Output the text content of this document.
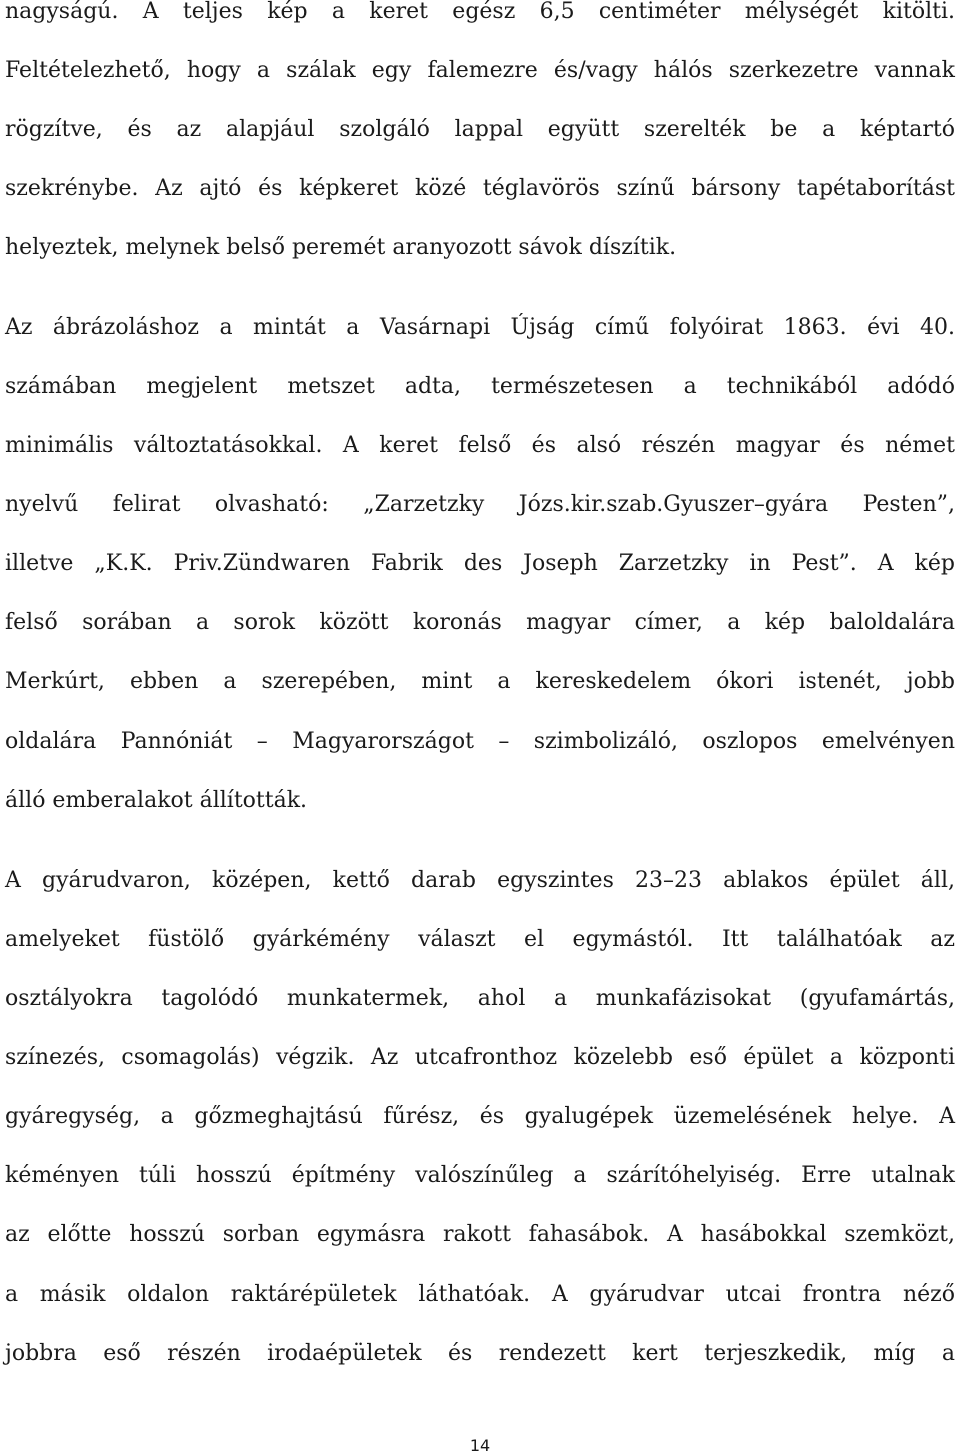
nagyságú. A teljes kép a keret egész 6,5 centiméter mélységét kitölti.
Feltételezhető, hogy a szálak egy falemezre és/vagy hálós szerkezetre vannak
rögzítve, és az alapjául szolgáló lappal együtt szerelték be a képtartó
szekrénybe. Az ajtó és képkeret közé téglavörös színű bársony tapétaborítást
helyeztek, melynek belső peremét aranyozott sávok díszítik.
Az ábrázoláshoz a mintát a Vasárnapi Újság című folyóirat 1863. évi 40.
számában megjelent metszet adta, természetesen a technikából adódó
minimális változtatásokkal. A keret felső és alsó részén magyar és német
nyelvű felirat olvasható: „Zarzetzky Józs.kir.szab.Gyuszer–gyára Pesten”,
illetve „K.K. Priv.Zündwaren Fabrik des Joseph Zarzetzky in Pest”. A kép
felső sorában a sorok között koronás magyar címer, a kép baloldalára
Merkúrt, ebben a szerepében, mint a kereskedelem ókori istenét, jobb
oldalára Pannóniát – Magyarországot – szimbolizáló, oszlopos emelvényen
álló emberalakot állították.
A gyárudvaron, középen, kettő darab egyszintes 23–23 ablakos épület áll,
amelyeket füstölő gyárkémény választ el egymástól. Itt találhatóak az
osztályokra tagolódó munkatermek, ahol a munkafázisokat (gyufamártás,
színezés, csomagolás) végzik. Az utcafronthoz közelebb eső épület a központi
gyáregység, a gőzmeghajtású fűrész, és gyalugépek üzemelésének helye. A
kéményen túli hosszú építmény valószínűleg a szárítóhelyiség. Erre utalnak
az előtte hosszú sorban egymásra rakott fahasábok. A hasábokkal szemközt,
a másik oldalon raktárépületek láthatóak. A gyárudvar utcai frontra néző
jobbra eső részén irodaépületek és rendezett kert terjeszkedik, míg a
14
